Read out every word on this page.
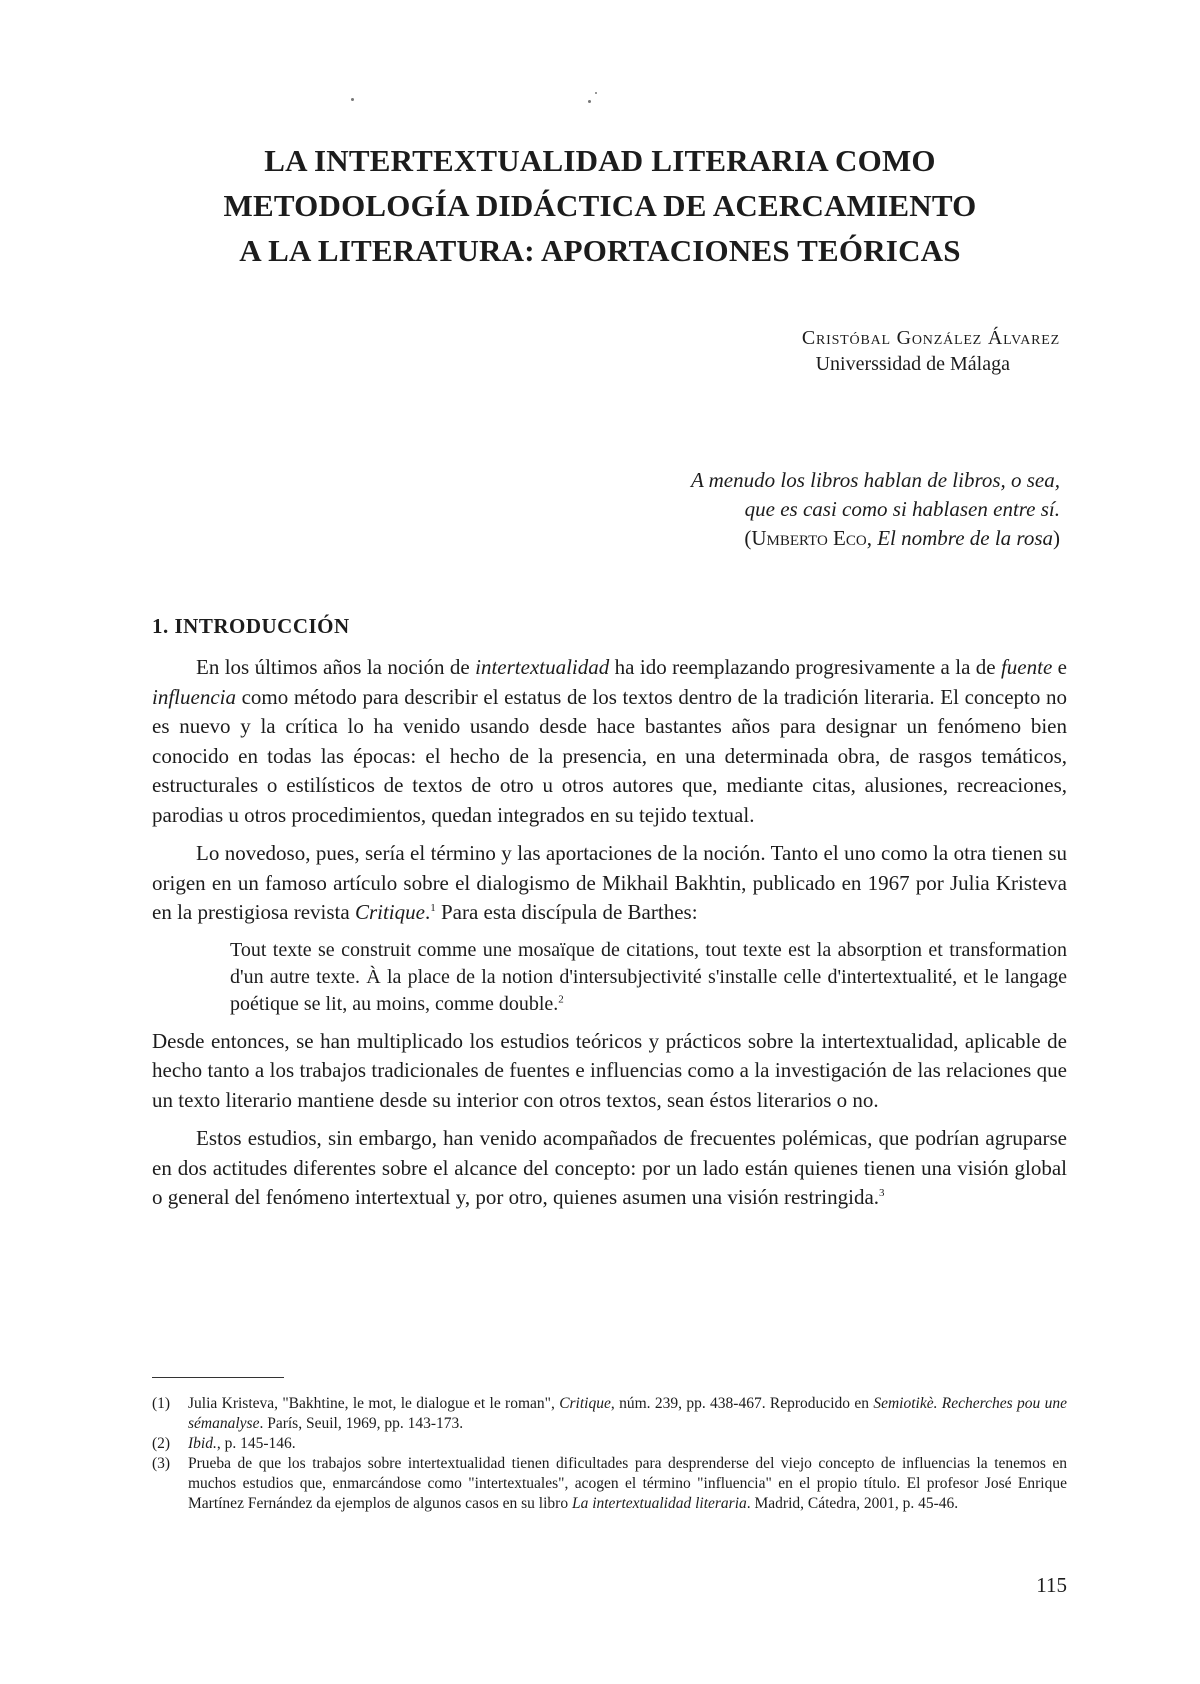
LA INTERTEXTUALIDAD LITERARIA COMO
METODOLOGÍA DIDÁCTICA DE ACERCAMIENTO
A LA LITERATURA: APORTACIONES TEÓRICAS
Cristóbal González Álvarez
Universsidad de Málaga
A menudo los libros hablan de libros, o sea,
que es casi como si hablasen entre sí.
(Umberto Eco, El nombre de la rosa)
1. INTRODUCCIÓN

En los últimos años la noción de intertextualidad ha ido reemplazando progresivamente a la de fuente e influencia como método para describir el estatus de los textos dentro de la tradición literaria. El concepto no es nuevo y la crítica lo ha venido usando desde hace bastantes años para designar un fenómeno bien conocido en todas las épocas: el hecho de la presencia, en una determinada obra, de rasgos temáticos, estructurales o estilísticos de textos de otro u otros autores que, mediante citas, alusiones, recreaciones, parodias u otros procedimientos, quedan integrados en su tejido textual.

Lo novedoso, pues, sería el término y las aportaciones de la noción. Tanto el uno como la otra tienen su origen en un famoso artículo sobre el dialogismo de Mikhail Bakhtin, publicado en 1967 por Julia Kristeva en la prestigiosa revista Critique.$^1$ Para esta discípula de Barthes:

Tout texte se construit comme une mosaïque de citations, tout texte est la absorption et transformation d'un autre texte. À la place de la notion d'intersubjectivité s'installe celle d'intertextualité, et le langage poétique se lit, au moins, comme double.$^2$

Desde entonces, se han multiplicado los estudios teóricos y prácticos sobre la intertextualidad, aplicable de hecho tanto a los trabajos tradicionales de fuentes e influencias como a la investigación de las relaciones que un texto literario mantiene desde su interior con otros textos, sean éstos literarios o no.

Estos estudios, sin embargo, han venido acompañados de frecuentes polémicas, que podrían agruparse en dos actitudes diferentes sobre el alcance del concepto: por un lado están quienes tienen una visión global o general del fenómeno intertextual y, por otro, quienes asumen una visión restringida.$^3$

(1)	Julia Kristeva, "Bakhtine, le mot, le dialogue et le roman", Critique, núm. 239, pp. 438-467. Reproducido en Semiotikè. Recherches pou une sémanalyse. París, Seuil, 1969, pp. 143-173.
(2)	Ibid., p. 145-146.
(3)	Prueba de que los trabajos sobre intertextualidad tienen dificultades para desprenderse del viejo concepto de influencias la tenemos en muchos estudios que, enmarcándose como "intertextuales", acogen el término "influencia" en el propio título. El profesor José Enrique Martínez Fernández da ejemplos de algunos casos en su libro La intertextualidad literaria. Madrid, Cátedra, 2001, p. 45-46.
115
